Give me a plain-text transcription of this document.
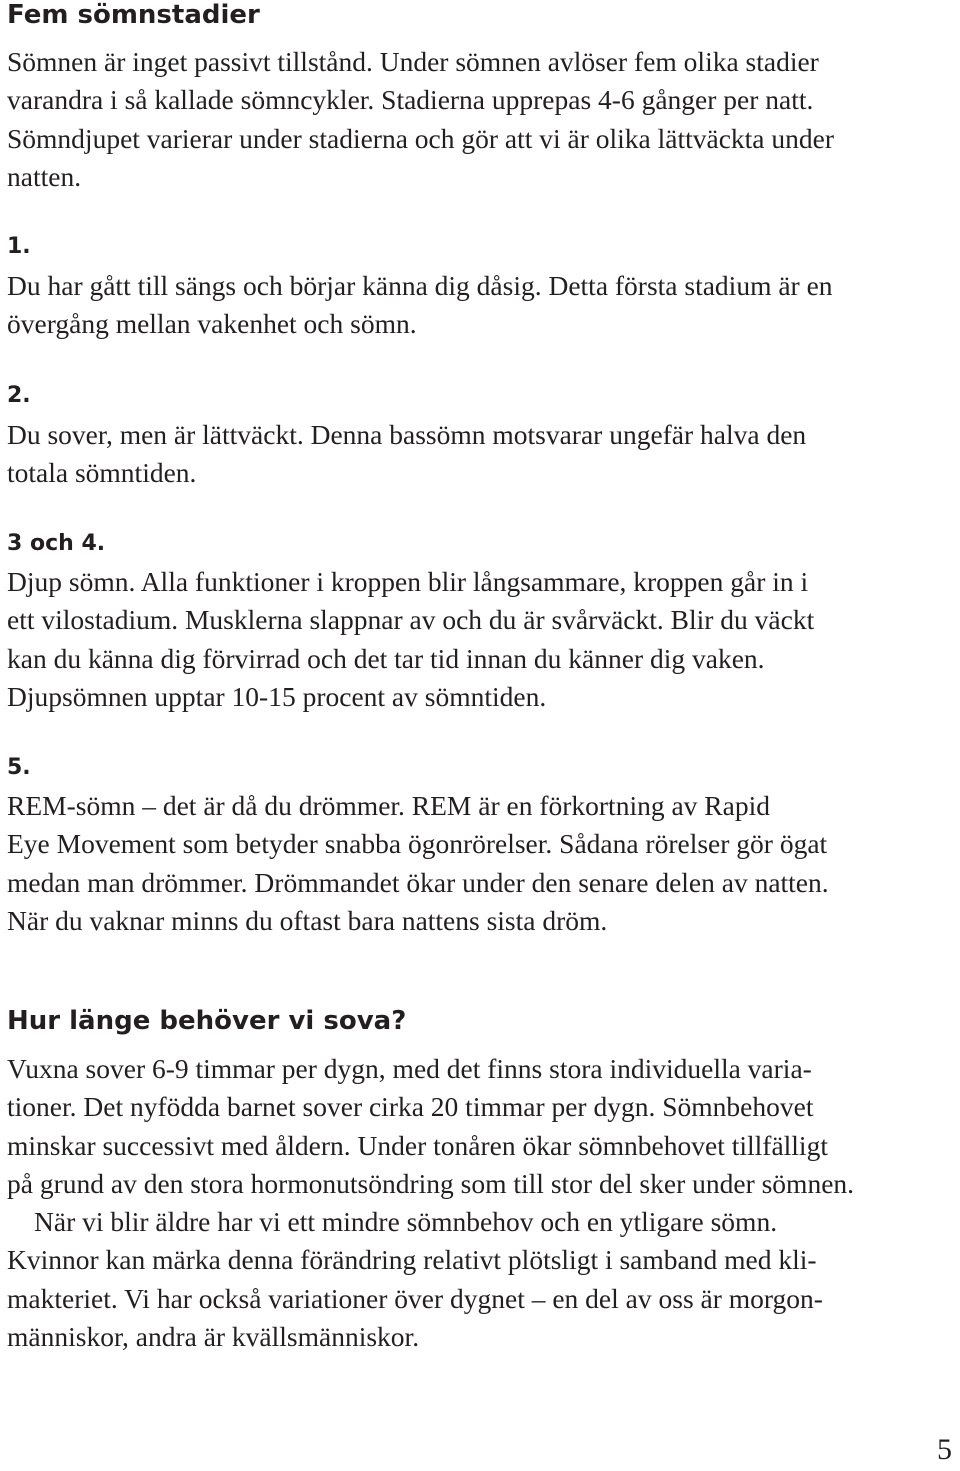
Fem sömnstadier

Sömnen är inget passivt tillstånd. Under sömnen avlöser fem olika stadier
varandra i så kallade sömncykler. Stadierna upprepas 4-6 gånger per natt.
Sömndjupet varierar under stadierna och gör att vi är olika lättväckta under
natten.

1.

Du har gått till sängs och börjar känna dig dåsig. Detta första stadium är en
övergång mellan vakenhet och sömn.

2.

Du sover, men är lättväckt. Denna bassömn motsvarar ungefär halva den
totala sömntiden.

3 och 4.

Djup sömn. Alla funktioner i kroppen blir långsammare, kroppen går in i
ett vilostadium. Musklerna slappnar av och du är svårväckt. Blir du väckt
kan du känna dig förvirrad och det tar tid innan du känner dig vaken.
Djupsömnen upptar 10-15 procent av sömntiden.

5.

REM-sömn – det är då du drömmer. REM är en förkortning av Rapid
Eye Movement som betyder snabba ögonrörelser. Sådana rörelser gör ögat
medan man drömmer. Drömmandet ökar under den senare delen av natten.
När du vaknar minns du oftast bara nattens sista dröm.

Hur länge behöver vi sova?

Vuxna sover 6-9 timmar per dygn, med det finns stora individuella varia-
tioner. Det nyfödda barnet sover cirka 20 timmar per dygn. Sömnbehovet
minskar successivt med åldern. Under tonåren ökar sömnbehovet tillfälligt
på grund av den stora hormonutsöndring som till stor del sker under sömnen.
När vi blir äldre har vi ett mindre sömnbehov och en ytligare sömn.
Kvinnor kan märka denna förändring relativt plötsligt i samband med kli-
makteriet. Vi har också variationer över dygnet – en del av oss är morgon-
människor, andra är kvällsmänniskor.

5
